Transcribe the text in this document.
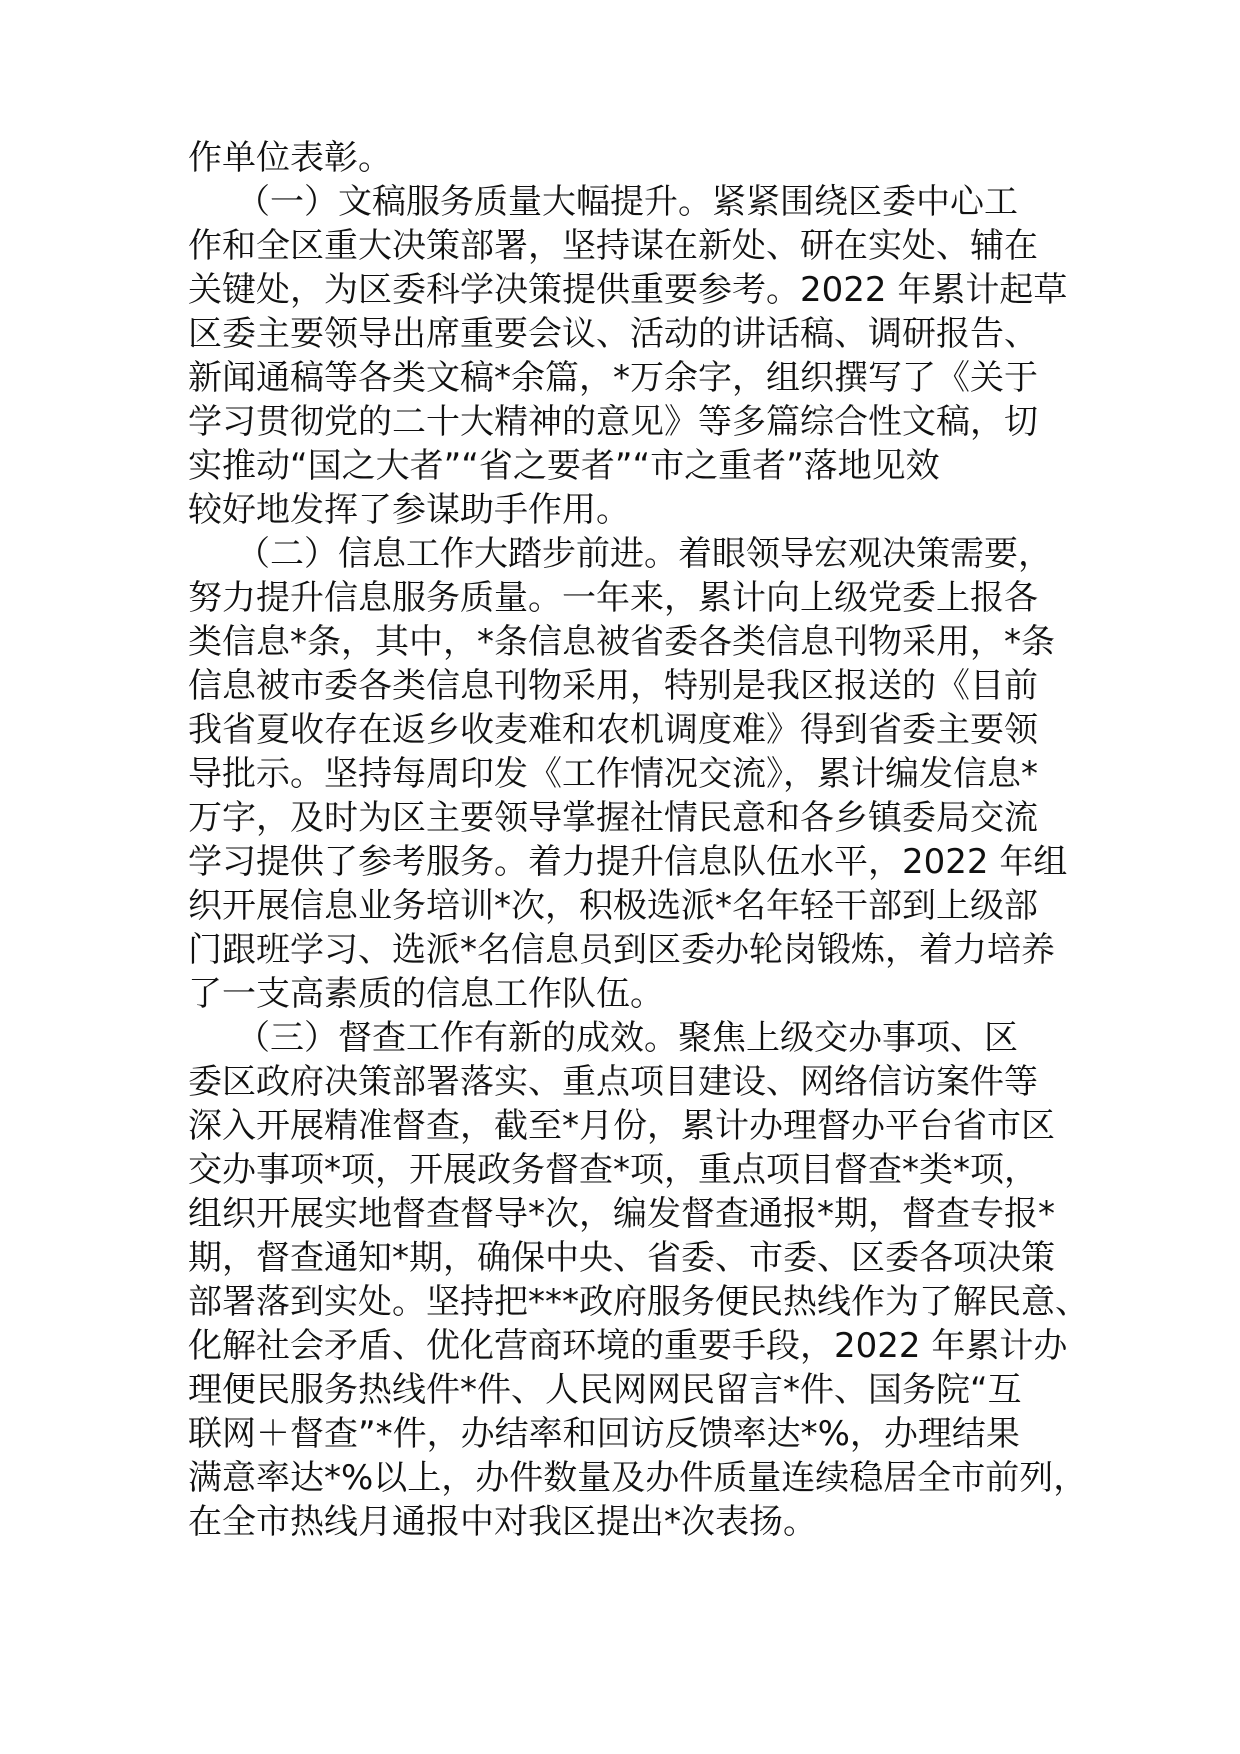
作单位表彰。
（一）文稿服务质量大幅提升。紧紧围绕区委中心工
作和全区重大决策部署，坚持谋在新处、研在实处、辅在
关键处，为区委科学决策提供重要参考。2022 年累计起草
区委主要领导出席重要会议、活动的讲话稿、调研报告、
新闻通稿等各类文稿*余篇，*万余字，组织撰写了《关于
学习贯彻党的二十大精神的意见》等多篇综合性文稿，切
实推动“国之大者”“省之要者”“市之重者”落地见效
较好地发挥了参谋助手作用。
（二）信息工作大踏步前进。着眼领导宏观决策需要，
努力提升信息服务质量。一年来，累计向上级党委上报各
类信息*条，其中，*条信息被省委各类信息刊物采用，*条
信息被市委各类信息刊物采用，特别是我区报送的《目前
我省夏收存在返乡收麦难和农机调度难》得到省委主要领
导批示。坚持每周印发《工作情况交流》，累计编发信息*
万字，及时为区主要领导掌握社情民意和各乡镇委局交流
学习提供了参考服务。着力提升信息队伍水平，2022 年组
织开展信息业务培训*次，积极选派*名年轻干部到上级部
门跟班学习、选派*名信息员到区委办轮岗锻炼，着力培养
了一支高素质的信息工作队伍。
（三）督查工作有新的成效。聚焦上级交办事项、区
委区政府决策部署落实、重点项目建设、网络信访案件等
深入开展精准督查，截至*月份，累计办理督办平台省市区
交办事项*项，开展政务督查*项，重点项目督查*类*项，
组织开展实地督查督导*次，编发督查通报*期，督查专报*
期，督查通知*期，确保中央、省委、市委、区委各项决策
部署落到实处。坚持把***政府服务便民热线作为了解民意、
化解社会矛盾、优化营商环境的重要手段，2022 年累计办
理便民服务热线件*件、人民网网民留言*件、国务院“互
联网＋督查”*件，办结率和回访反馈率达*%，办理结果
满意率达*%以上，办件数量及办件质量连续稳居全市前列，
在全市热线月通报中对我区提出*次表扬。
